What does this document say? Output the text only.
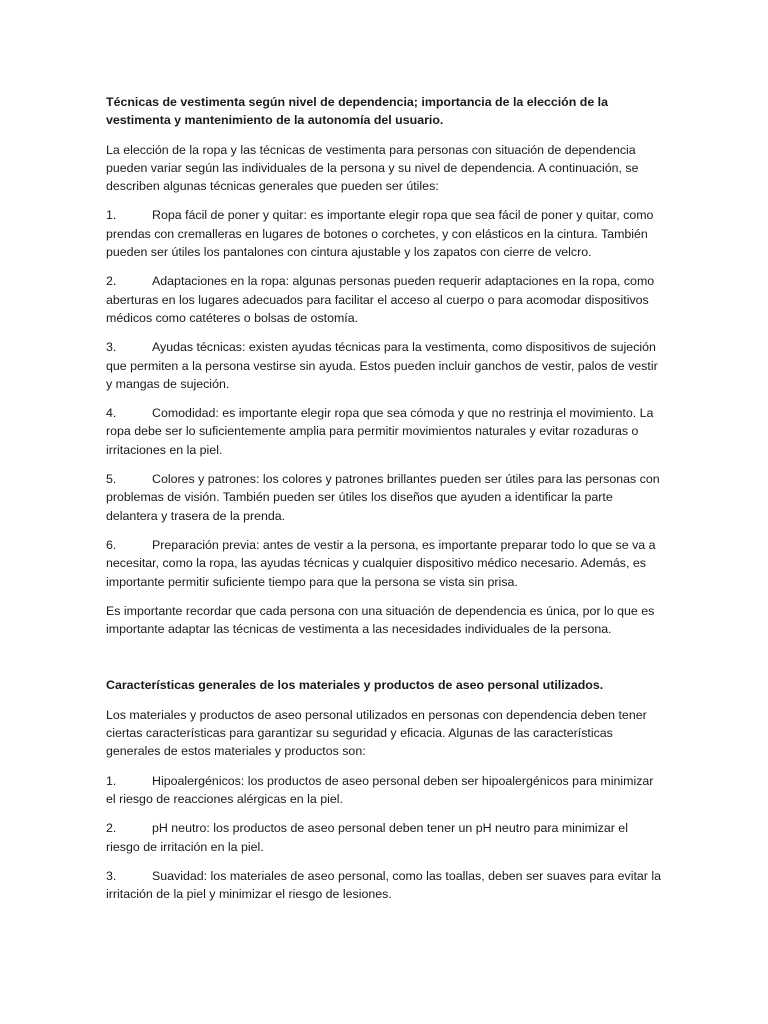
Técnicas de vestimenta según nivel de dependencia; importancia de la elección de la vestimenta y mantenimiento de la autonomía del usuario.

La elección de la ropa y las técnicas de vestimenta para personas con situación de dependencia pueden variar según las individuales de la persona y su nivel de dependencia. A continuación, se describen algunas técnicas generales que pueden ser útiles:

1.	Ropa fácil de poner y quitar: es importante elegir ropa que sea fácil de poner y quitar, como prendas con cremalleras en lugares de botones o corchetes, y con elásticos en la cintura. También pueden ser útiles los pantalones con cintura ajustable y los zapatos con cierre de velcro.

2.	Adaptaciones en la ropa: algunas personas pueden requerir adaptaciones en la ropa, como aberturas en los lugares adecuados para facilitar el acceso al cuerpo o para acomodar dispositivos médicos como catéteres o bolsas de ostomía.

3.	Ayudas técnicas: existen ayudas técnicas para la vestimenta, como dispositivos de sujeción que permiten a la persona vestirse sin ayuda. Estos pueden incluir ganchos de vestir, palos de vestir y mangas de sujeción.

4.	Comodidad: es importante elegir ropa que sea cómoda y que no restrinja el movimiento. La ropa debe ser lo suficientemente amplia para permitir movimientos naturales y evitar rozaduras o irritaciones en la piel.

5.	Colores y patrones: los colores y patrones brillantes pueden ser útiles para las personas con problemas de visión. También pueden ser útiles los diseños que ayuden a identificar la parte delantera y trasera de la prenda.

6.	Preparación previa: antes de vestir a la persona, es importante preparar todo lo que se va a necesitar, como la ropa, las ayudas técnicas y cualquier dispositivo médico necesario. Además, es importante permitir suficiente tiempo para que la persona se vista sin prisa.

Es importante recordar que cada persona con una situación de dependencia es única, por lo que es importante adaptar las técnicas de vestimenta a las necesidades individuales de la persona.

Características generales de los materiales y productos de aseo personal utilizados.

Los materiales y productos de aseo personal utilizados en personas con dependencia deben tener ciertas características para garantizar su seguridad y eficacia. Algunas de las características generales de estos materiales y productos son:

1.	Hipoalergénicos: los productos de aseo personal deben ser hipoalergénicos para minimizar el riesgo de reacciones alérgicas en la piel.

2.	pH neutro: los productos de aseo personal deben tener un pH neutro para minimizar el riesgo de irritación en la piel.

3.	Suavidad: los materiales de aseo personal, como las toallas, deben ser suaves para evitar la irritación de la piel y minimizar el riesgo de lesiones.
